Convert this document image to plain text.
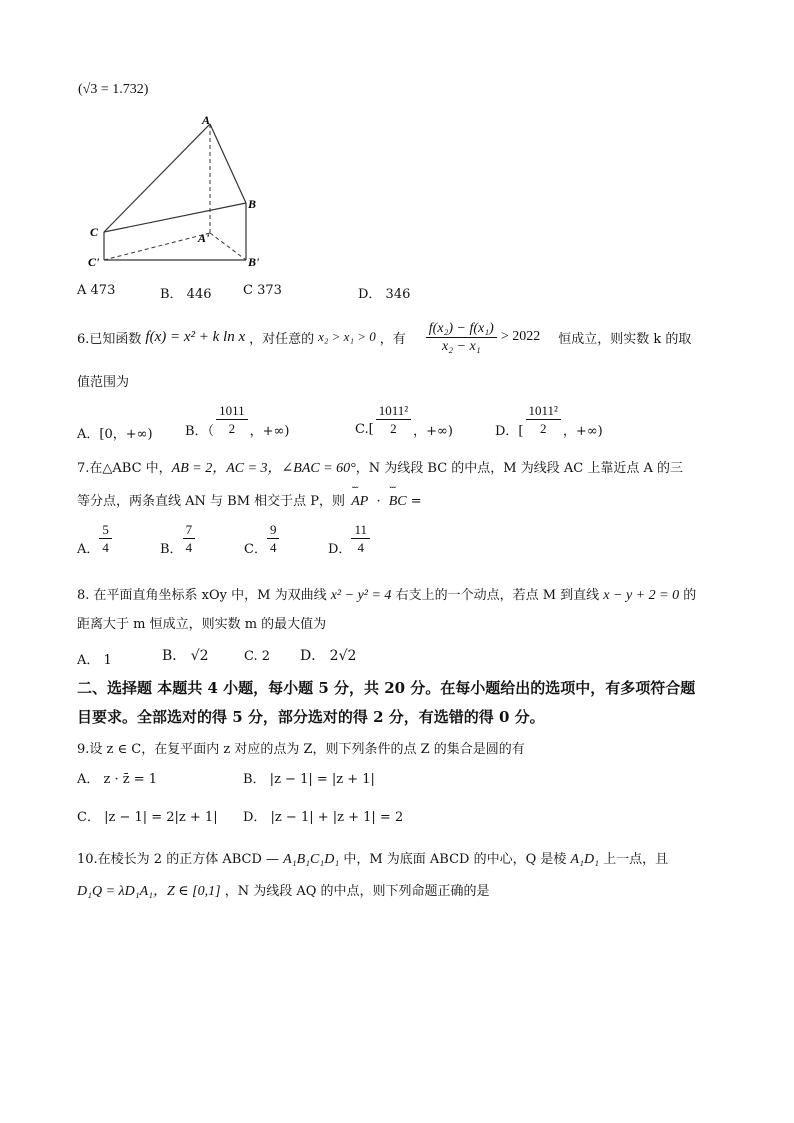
(√3 = 1.732)
A
B
C	A'
B'
C'
A 473	B． 446 C 373	D． 346
6.已知函数 f(x) = x² + k ln x ，对任意的 x₂ > x₁ > 0 ，有 $\frac{\text{f(x₂) − f(x₁)}}{\text{x₂ − x₁}} > 2022$ 恒成立，则实数 k 的取
值范围为
A．[0，+∞) B．（ $\frac{1011}{2}$ ，+∞)	$C.[ \frac{\text{1011²}}{2}$ ，+∞)	D．[ $\frac{\text{1011²}}{2}$ ，+∞)
7.在△ABC 中，AB = 2，AC = 3，∠BAC = 60°，N 为线段 BC 的中点，M 为线段 AC 上靠近点 A 的三
等分点，两条直线 AN 与 BM 相交于点 P，则 ˇˇˇ AP · ˇˇˇ BC =
A． $\frac{5}{4}$	B． $\frac{7}{4}$	C． $\frac{9}{4}$	D． $\frac{11}{4}$
8. 在平面直角坐标系 xOy 中，M 为双曲线 x² − y² = 4 右支上的一个动点，若点 M 到直线 x − y + 2 = 0 的
距离大于 m 恒成立，则实数 m 的最大值为
A． 1	B． √2	C. 2 D． 2√2
二、选择题 本题共 4 小题，每小题 5 分，共 20 分。在每小题给出的选项中，有多项符合题
目要求。全部选对的得 5 分，部分选对的得 2 分，有选错的得 0 分。
9.设 z ∈ C，在复平面内 z 对应的点为 Z，则下列条件的点 Z 的集合是圆的有
A． z · z̄ = 1	B． |z − 1| = |z + 1|
C． |z − 1| = 2|z + 1| D． |z − 1| + |z + 1| = 2
10.在棱长为 2 的正方体 ABCD — A₁B₁C₁D₁ 中，M 为底面 ABCD 的中心，Q 是棱 A₁D₁ 上一点，且
D₁Q = λD₁A₁，Z ∈ [0,1] ，N 为线段 AQ 的中点，则下列命题正确的是
